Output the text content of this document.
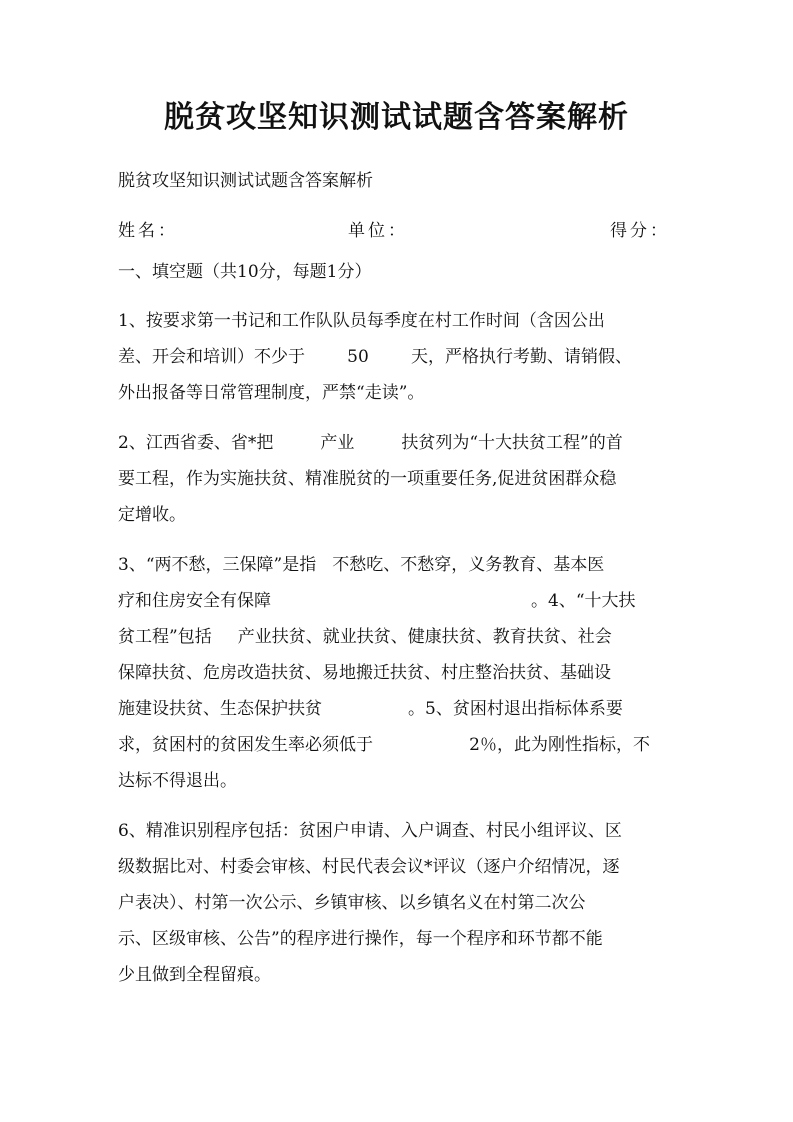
脱贫攻坚知识测试试题含答案解析
脱贫攻坚知识测试试题含答案解析
姓名：	单位：	得分：
一、填空题（共10分，每题1分）
1、按要求第一书记和工作队队员每季度在村工作时间（含因公出
差、开会和培训）不少于 50 天，严格执行考勤、请销假、
外出报备等日常管理制度，严禁“走读”。
2、江西省委、省*把	产业	扶贫列为“十大扶贫工程”的首
要工程，作为实施扶贫、精准脱贫的一项重要任务,促进贫困群众稳
定增收。
3、“两不愁，三保障”是指 不愁吃、不愁穿，义务教育、基本医
疗和住房安全有保障	。4、“十大扶
贫工程”包括 产业扶贫、就业扶贫、健康扶贫、教育扶贫、社会
保障扶贫、危房改造扶贫、易地搬迁扶贫、村庄整治扶贫、基础设
施建设扶贫、生态保护扶贫	。5、贫困村退出指标体系要
求，贫困村的贫困发生率必须低于	2％，此为刚性指标，不
达标不得退出。
6、精准识别程序包括：贫困户申请、入户调查、村民小组评议、区
级数据比对、村委会审核、村民代表会议*评议（逐户介绍情况，逐
户表决）、村第一次公示、乡镇审核、以乡镇名义在村第二次公
示、区级审核、公告”的程序进行操作，每一个程序和环节都不能
少且做到全程留痕。
